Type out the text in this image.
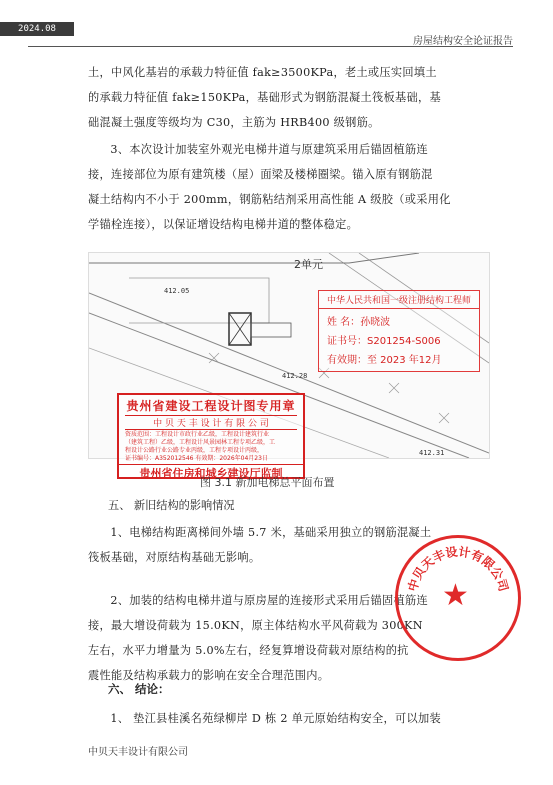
2024.08
房屋结构安全论证报告

土，中风化基岩的承载力特征值 fak≥3500KPa，老土或压实回填土

的承载力特征值 fak≥150KPa，基础形式为钢筋混凝土筏板基础，基

础混凝土强度等级均为 C30，主筋为 HRB400 级钢筋。

3、本次设计加装室外观光电梯井道与原建筑采用后锚固植筋连

接，连接部位为原有建筑楼（屋）面梁及楼梯圈梁。锚入原有钢筋混

凝土结构内不小于 200mm，钢筋粘结剂采用高性能 A 级胶（或采用化

学锚栓连接），以保证增设结构电梯井道的整体稳定。

2单元
412.05
412.28
412.31
中华人民共和国一级注册结构工程师
姓 名：孙晓波
证书号：S201254-S006
有效期：至 2023 年12月
贵州省建设工程设计图专用章
中 贝 天 丰 设 计 有 限 公 司
资质范围：工程设计市政行业乙级，工程设计建筑行业
（建筑工程）乙级，工程设计风景园林工程专项乙级，工
程设计公路行业公路专业丙级，工程专项设计丙级，
证书编号：A352012546 有效期：2026年04月23日
贵州省住房和城乡建设厅监制
图 3.1 新加电梯总平面布置
五、 新旧结构的影响情况

1、电梯结构距离梯间外墙 5.7 米，基础采用独立的钢筋混凝土

筏板基础，对原结构基础无影响。

2、加装的结构电梯井道与原房屋的连接形式采用后锚固植筋连

接，最大增设荷载为 15.0KN，原主体结构水平风荷载为 300KN

左右，水平力增量为 5.0%左右，经复算增设荷载对原结构的抗

震性能及结构承载力的影响在安全合理范围内。

中贝天丰设计有限公司
★
六、 结论：

1、 垫江县桂溪名苑绿柳岸 D 栋 2 单元原始结构安全，可以加装

中贝天丰设计有限公司
